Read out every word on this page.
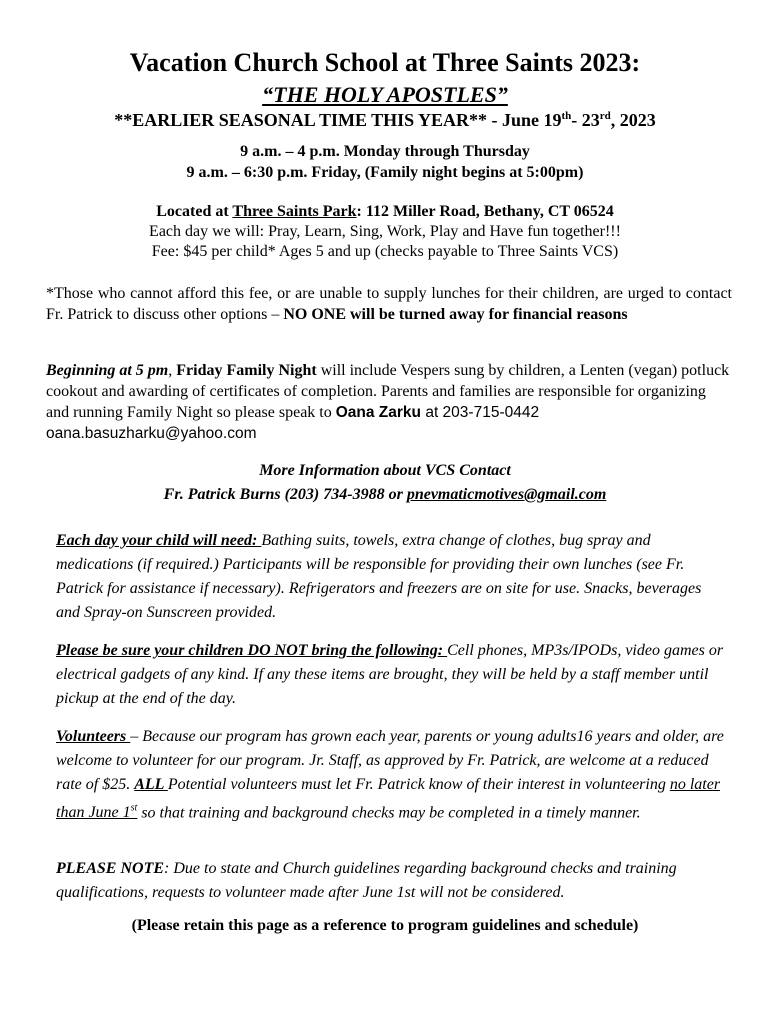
Vacation Church School at Three Saints 2023:
“THE HOLY APOSTLES”
**EARLIER SEASONAL TIME THIS YEAR** - June 19th- 23rd, 2023
9 a.m. – 4 p.m. Monday through Thursday
9 a.m. – 6:30 p.m. Friday, (Family night begins at 5:00pm)
Located at Three Saints Park: 112 Miller Road, Bethany, CT 06524
Each day we will: Pray, Learn, Sing, Work, Play and Have fun together!!!
Fee: $45 per child* Ages 5 and up (checks payable to Three Saints VCS)
*Those who cannot afford this fee, or are unable to supply lunches for their children, are urged to contact Fr. Patrick to discuss other options – NO ONE will be turned away for financial reasons
Beginning at 5 pm, Friday Family Night will include Vespers sung by children, a Lenten (vegan) potluck cookout and awarding of certificates of completion. Parents and families are responsible for organizing and running Family Night so please speak to Oana Zarku at 203-715-0442 oana.basuzharku@yahoo.com
More Information about VCS Contact
Fr. Patrick Burns (203) 734-3988 or pnevmaticmotives@gmail.com
Each day your child will need: Bathing suits, towels, extra change of clothes, bug spray and medications (if required.) Participants will be responsible for providing their own lunches (see Fr. Patrick for assistance if necessary). Refrigerators and freezers are on site for use. Snacks, beverages and Spray-on Sunscreen provided.
Please be sure your children DO NOT bring the following: Cell phones, MP3s/IPODs, video games or electrical gadgets of any kind. If any these items are brought, they will be held by a staff member until pickup at the end of the day.
Volunteers – Because our program has grown each year, parents or young adults16 years and older, are welcome to volunteer for our program. Jr. Staff, as approved by Fr. Patrick, are welcome at a reduced rate of $25. ALL Potential volunteers must let Fr. Patrick know of their interest in volunteering no later than June 1st so that training and background checks may be completed in a timely manner.
PLEASE NOTE: Due to state and Church guidelines regarding background checks and training qualifications, requests to volunteer made after June 1st will not be considered.
(Please retain this page as a reference to program guidelines and schedule)
